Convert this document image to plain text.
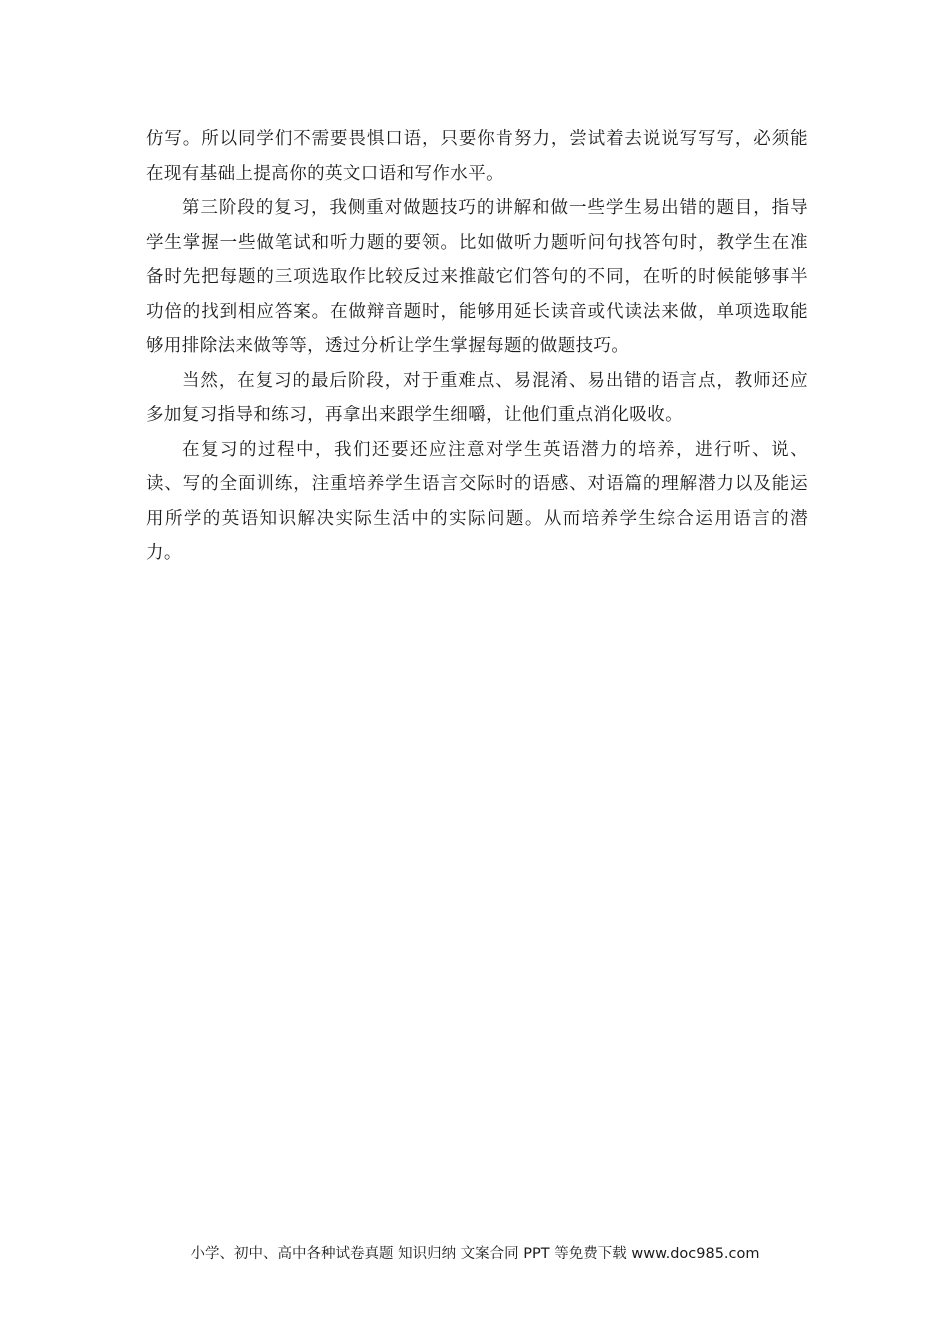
仿写。所以同学们不需要畏惧口语，只要你肯努力，尝试着去说说写写写，必须能在现有基础上提高你的英文口语和写作水平。

第三阶段的复习，我侧重对做题技巧的讲解和做一些学生易出错的题目，指导学生掌握一些做笔试和听力题的要领。比如做听力题听问句找答句时，教学生在准备时先把每题的三项选取作比较反过来推敲它们答句的不同，在听的时候能够事半功倍的找到相应答案。在做辩音题时，能够用延长读音或代读法来做，单项选取能够用排除法来做等等，透过分析让学生掌握每题的做题技巧。

当然，在复习的最后阶段，对于重难点、易混淆、易出错的语言点，教师还应多加复习指导和练习，再拿出来跟学生细嚼，让他们重点消化吸收。

在复习的过程中，我们还要还应注意对学生英语潜力的培养，进行听、说、读、写的全面训练，注重培养学生语言交际时的语感、对语篇的理解潜力以及能运用所学的英语知识解决实际生活中的实际问题。从而培养学生综合运用语言的潜力。

小学、初中、高中各种试卷真题 知识归纳 文案合同 PPT 等免费下载 www.doc985.com
